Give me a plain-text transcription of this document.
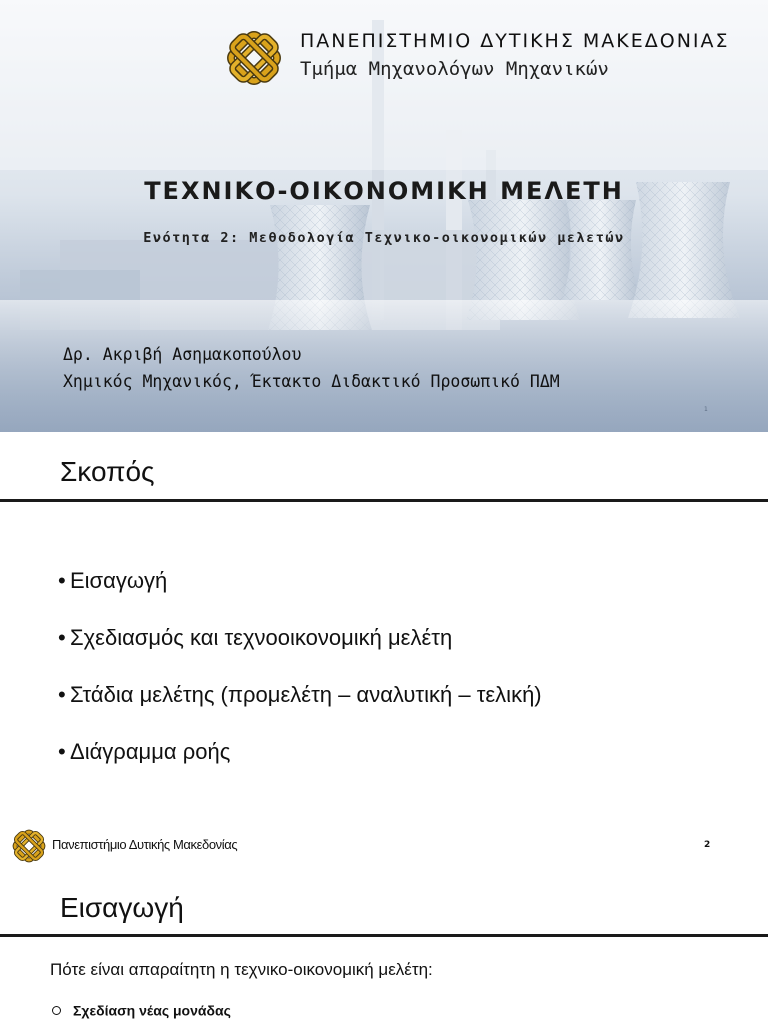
ΠΑΝΕΠΙΣΤΗΜΙΟ ΔΥΤΙΚΗΣ ΜΑΚΕΔΟΝΙΑΣ

Τμήμα Μηχανολόγων Μηχανικών

ΤΕΧΝΙΚΟ-ΟΙΚΟΝΟΜΙΚΗ ΜΕΛΕΤΗ

Ενότητα 2: Μεθοδολογία Τεχνικο-οικονομικών μελετών

Δρ. Ακριβή Ασημακοπούλου

Χημικός Μηχανικός, Έκτακτο Διδακτικό Προσωπικό ΠΔΜ

1
Σκοπός
• Εισαγωγή
• Σχεδιασμός και τεχνοοικονομική μελέτη
• Στάδια μελέτης (προμελέτη – αναλυτική – τελική)
• Διάγραμμα ροής
Πανεπιστήμιο Δυτικής Μακεδονίας	2
Εισαγωγή

Πότε είναι απαραίτητη η τεχνικο-οικονομική μελέτη:

Σχεδίαση νέας μονάδας
